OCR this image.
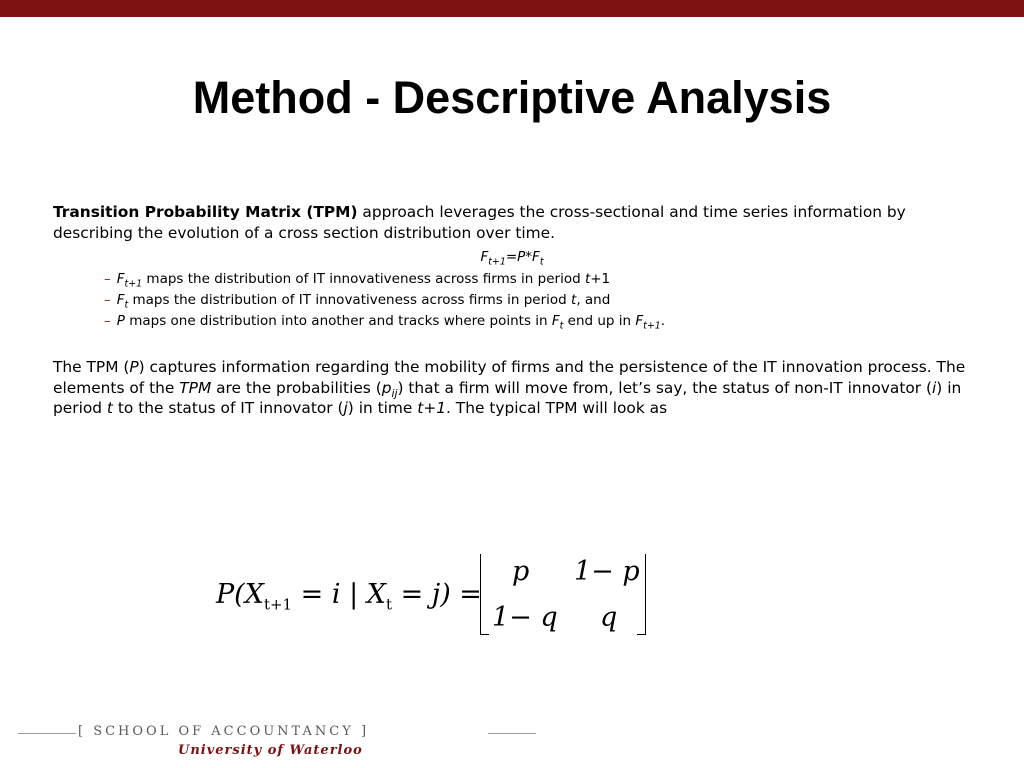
Method - Descriptive Analysis

Transition Probability Matrix (TPM) approach leverages the cross-sectional and time series information by describing the evolution of a cross section distribution over time.

$F_{t+1}=P*F_t$
– $F_{t+1}$ maps the distribution of IT innovativeness across firms in period t+1
– $F_t$ maps the distribution of IT innovativeness across firms in period t, and
– P maps one distribution into another and tracks where points in $F_t$ end up in $F_{t+1}$.

The TPM (P) captures information regarding the mobility of firms and the persistence of the IT innovation process. The elements of the TPM are the probabilities $(p_{ij})$ that a firm will move from, let’s say, the status of non-IT innovator (i) in period t to the status of IT innovator (j) in time t+1. The typical TPM will look as

$P(X_{t+1} = i$ | $X_t = j$) =
p 1− p
1− q q
[ SCHOOL OF ACCOUNTANCY ]
University of Waterloo
